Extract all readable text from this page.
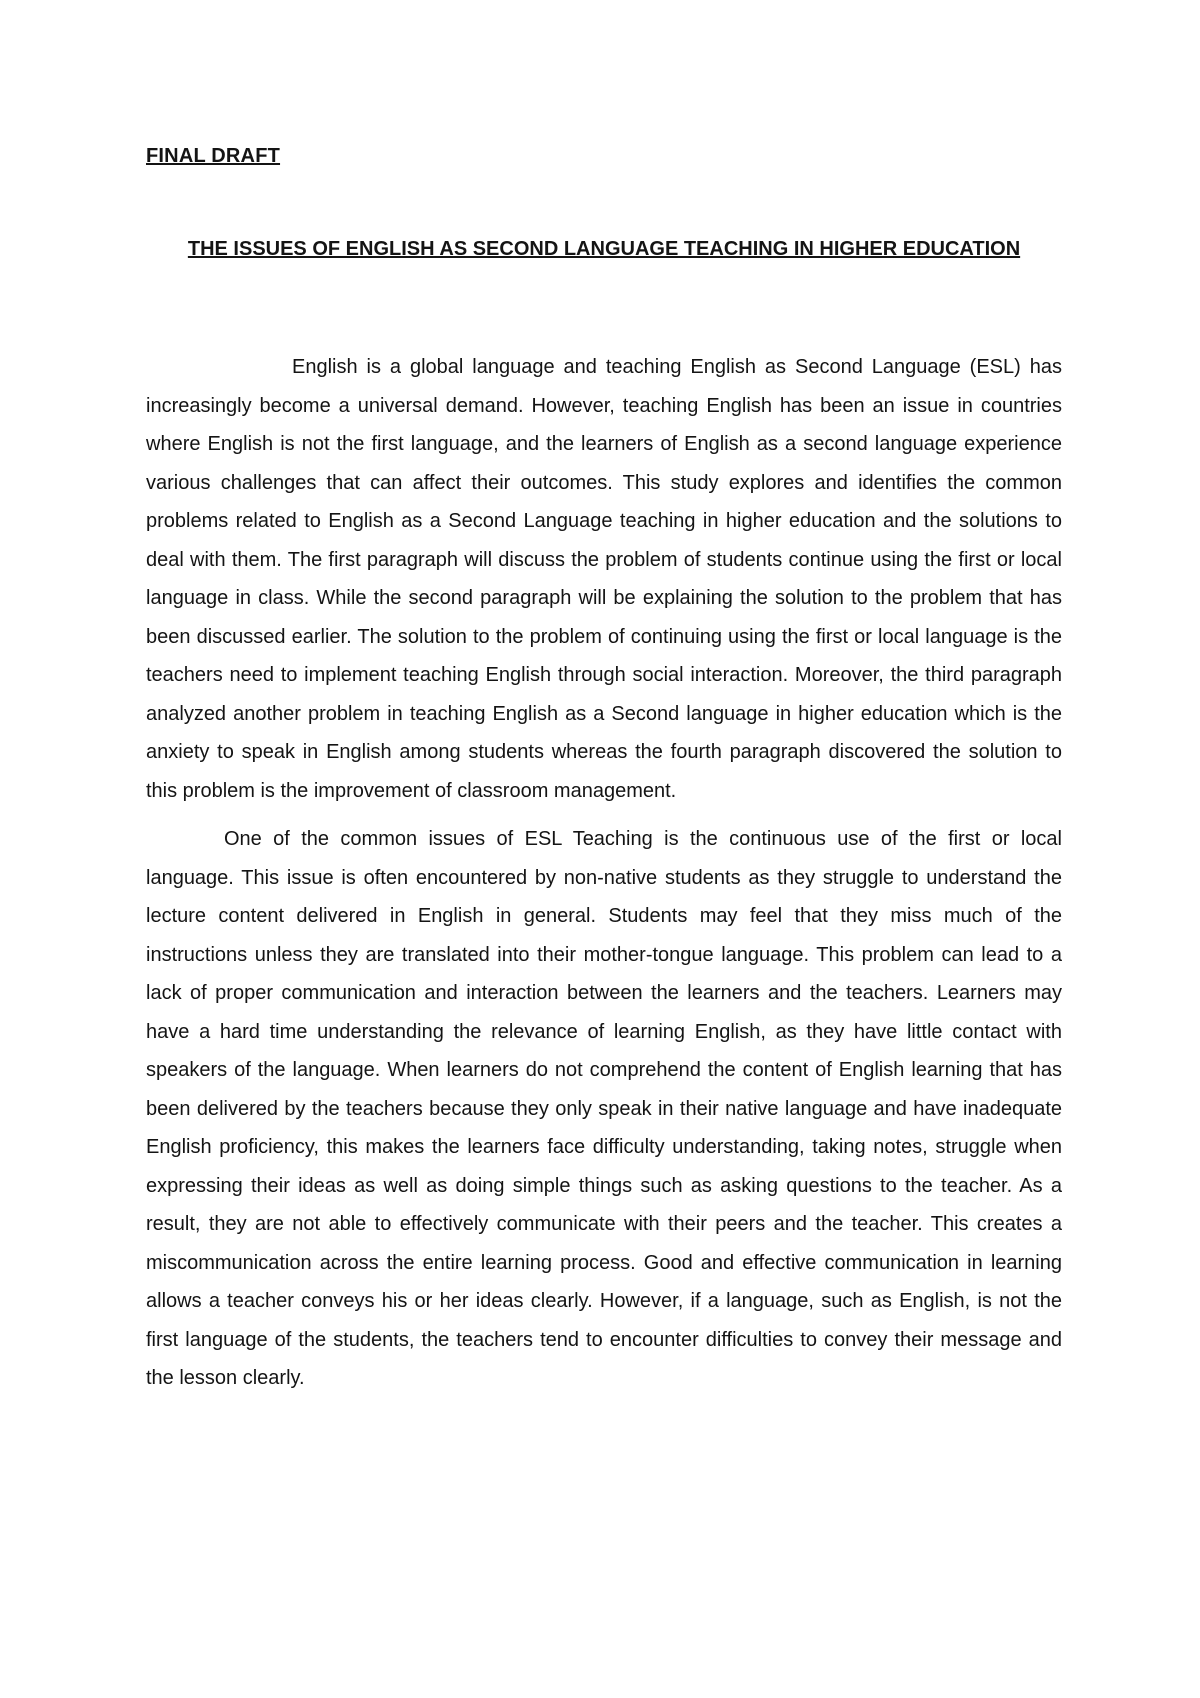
FINAL DRAFT

THE ISSUES OF ENGLISH AS SECOND LANGUAGE TEACHING IN HIGHER EDUCATION

English is a global language and teaching English as Second Language (ESL) has increasingly become a universal demand. However, teaching English has been an issue in countries where English is not the first language, and the learners of English as a second language experience various challenges that can affect their outcomes. This study explores and identifies the common problems related to English as a Second Language teaching in higher education and the solutions to deal with them. The first paragraph will discuss the problem of students continue using the first or local language in class. While the second paragraph will be explaining the solution to the problem that has been discussed earlier. The solution to the problem of continuing using the first or local language is the teachers need to implement teaching English through social interaction. Moreover, the third paragraph analyzed another problem in teaching English as a Second language in higher education which is the anxiety to speak in English among students whereas the fourth paragraph discovered the solution to this problem is the improvement of classroom management.

One of the common issues of ESL Teaching is the continuous use of the first or local language. This issue is often encountered by non-native students as they struggle to understand the lecture content delivered in English in general. Students may feel that they miss much of the instructions unless they are translated into their mother-tongue language. This problem can lead to a lack of proper communication and interaction between the learners and the teachers. Learners may have a hard time understanding the relevance of learning English, as they have little contact with speakers of the language. When learners do not comprehend the content of English learning that has been delivered by the teachers because they only speak in their native language and have inadequate English proficiency, this makes the learners face difficulty understanding, taking notes, struggle when expressing their ideas as well as doing simple things such as asking questions to the teacher. As a result, they are not able to effectively communicate with their peers and the teacher. This creates a miscommunication across the entire learning process. Good and effective communication in learning allows a teacher conveys his or her ideas clearly. However, if a language, such as English, is not the first language of the students, the teachers tend to encounter difficulties to convey their message and the lesson clearly.
